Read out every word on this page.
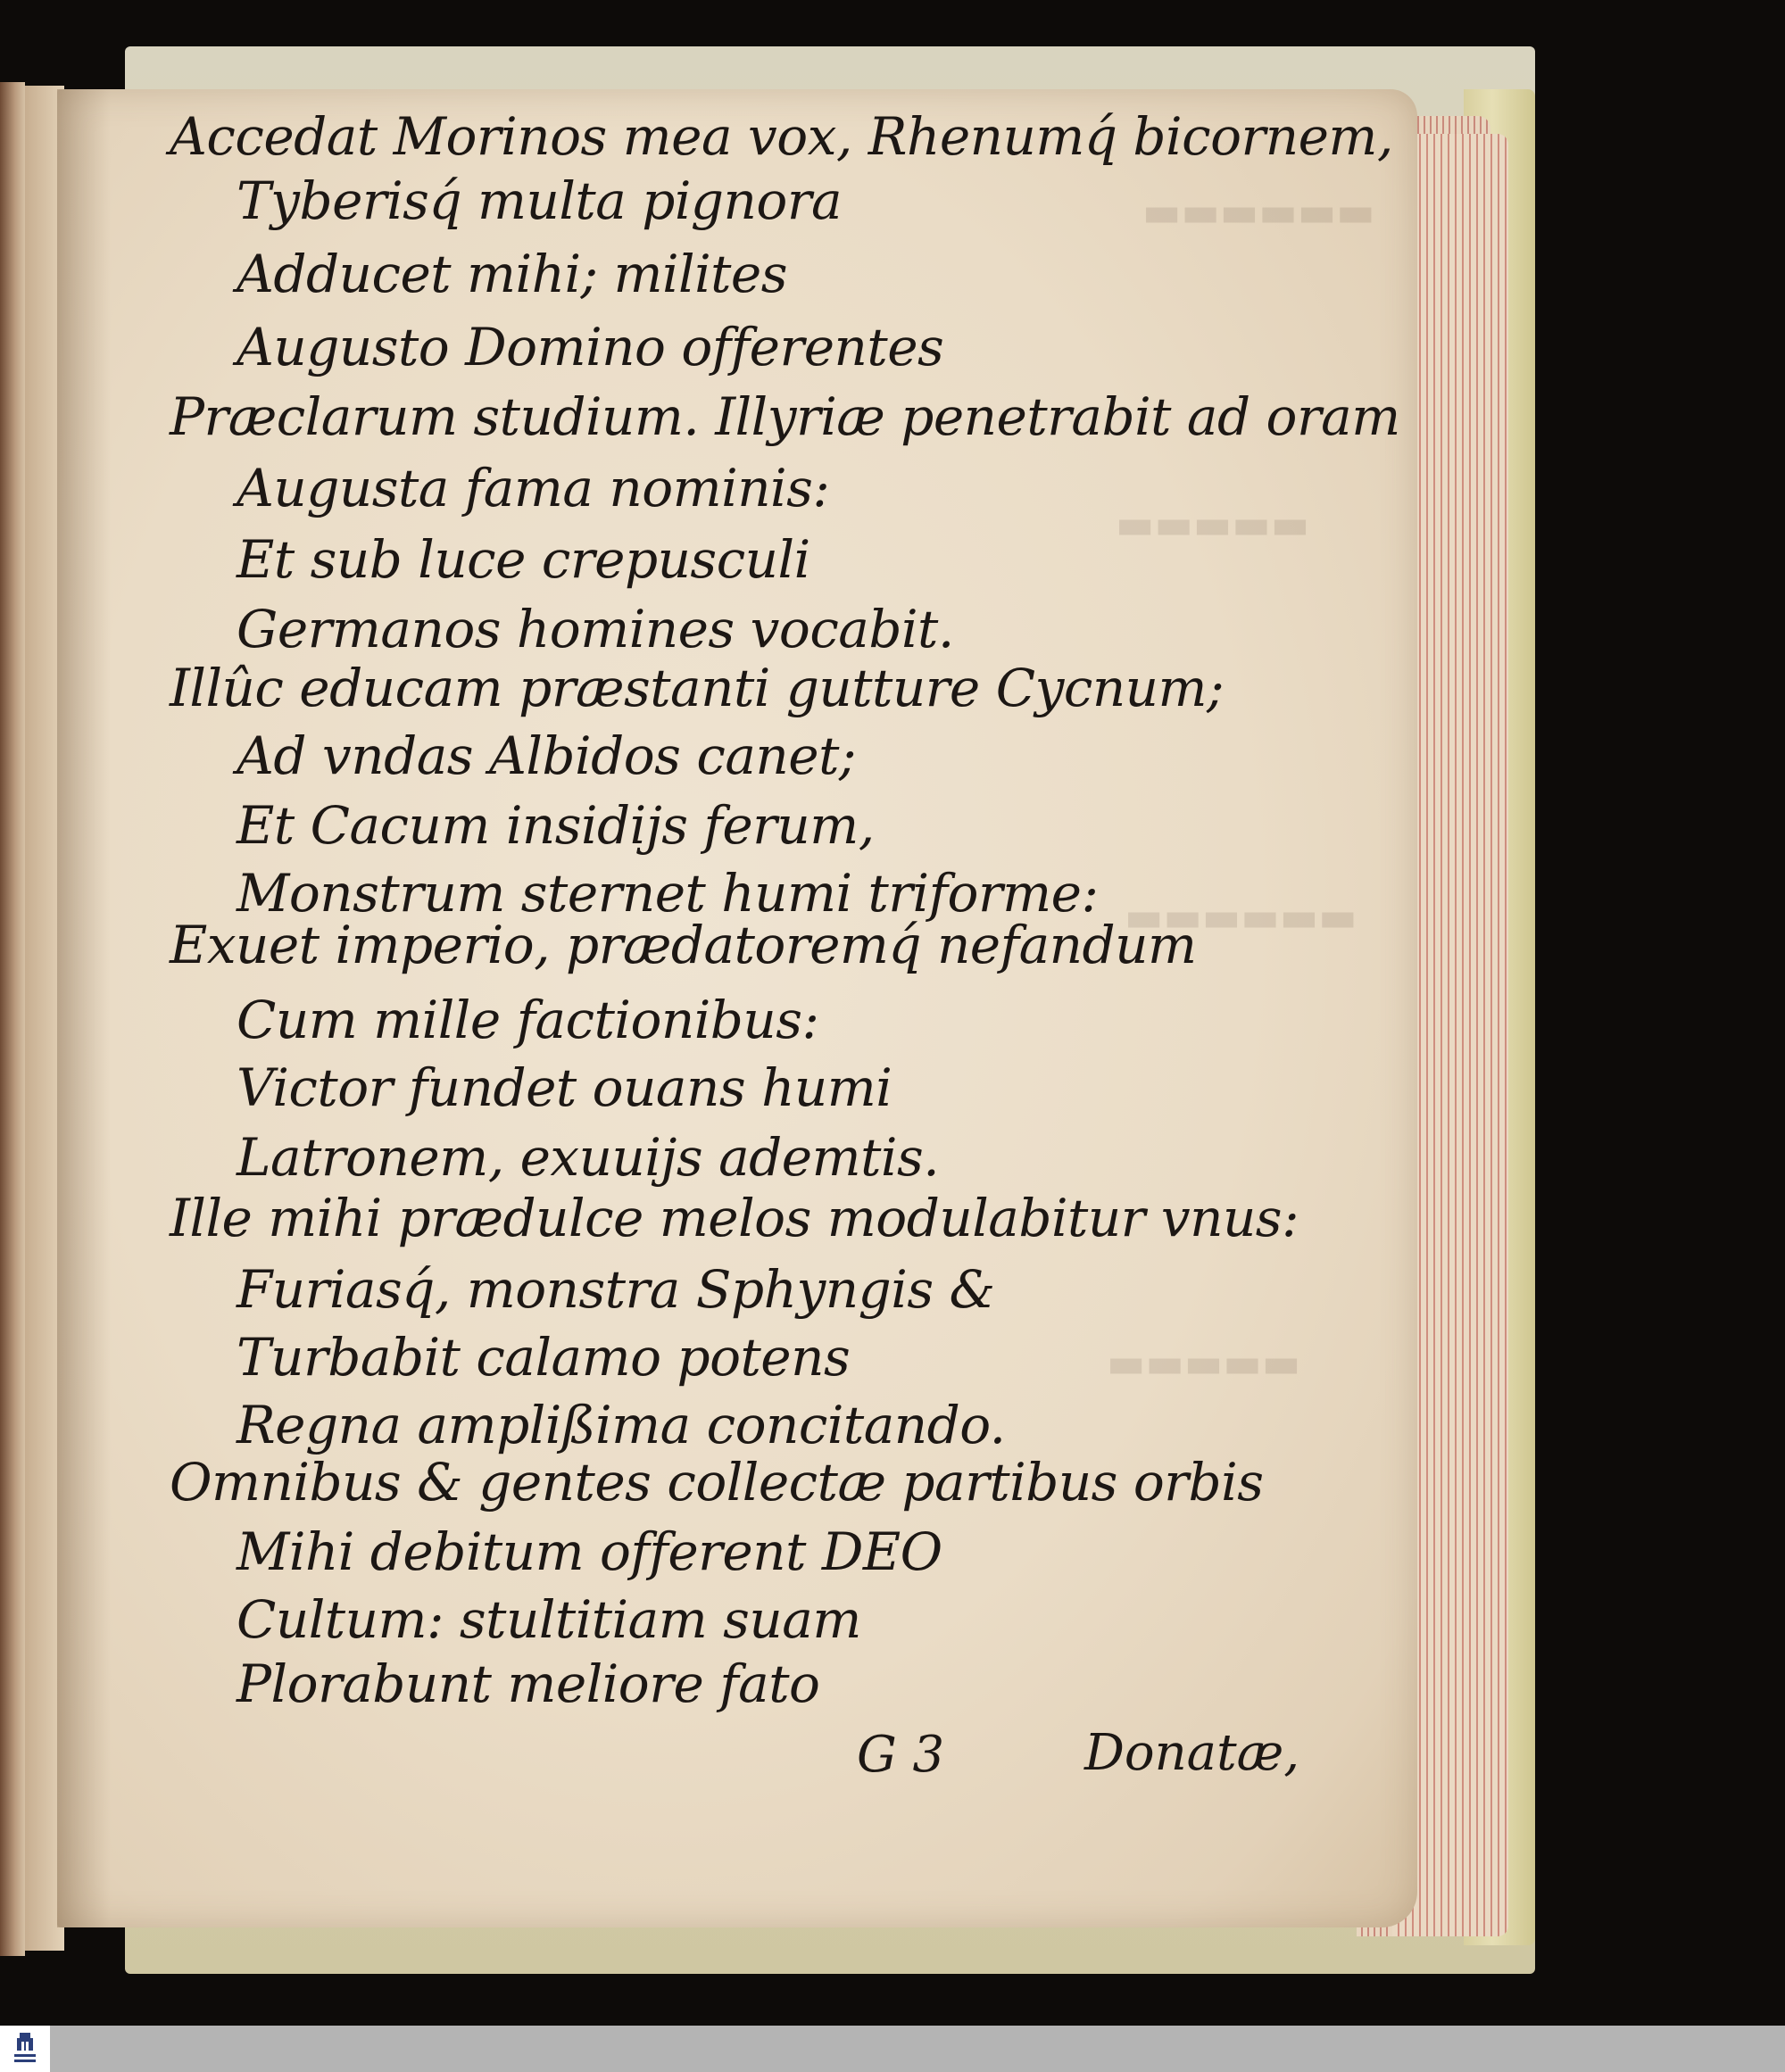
▬▬▬▬▬▬
▬▬▬▬▬
▬▬▬▬▬▬
▬▬▬▬▬
Accedat Morinos mea vox, Rhenumq́ bicornem,
Tyberisq́ multa pignora
Adducet mihi; milites
Augusto Domino offerentes
Præclarum studium. Illyriæ penetrabit ad oram
Augusta fama nominis:
Et sub luce crepusculi
Germanos homines vocabit.
Illûc educam præstanti gutture Cycnum;
Ad vndas Albidos canet;
Et Cacum insidijs ferum,
Monstrum sternet humi triforme:
Exuet imperio, prædatoremq́ nefandum
Cum mille factionibus:
Victor fundet ouans humi
Latronem, exuuijs ademtis.
Ille mihi prædulce melos modulabitur vnus:
Furiasq́, monstra Sphyngis &
Turbabit calamo potens
Regna amplißima concitando.
Omnibus & gentes collectæ partibus orbis
Mihi debitum offerent DEO
Cultum: stultitiam suam
Plorabunt meliore fato
G 3	Donatæ,
